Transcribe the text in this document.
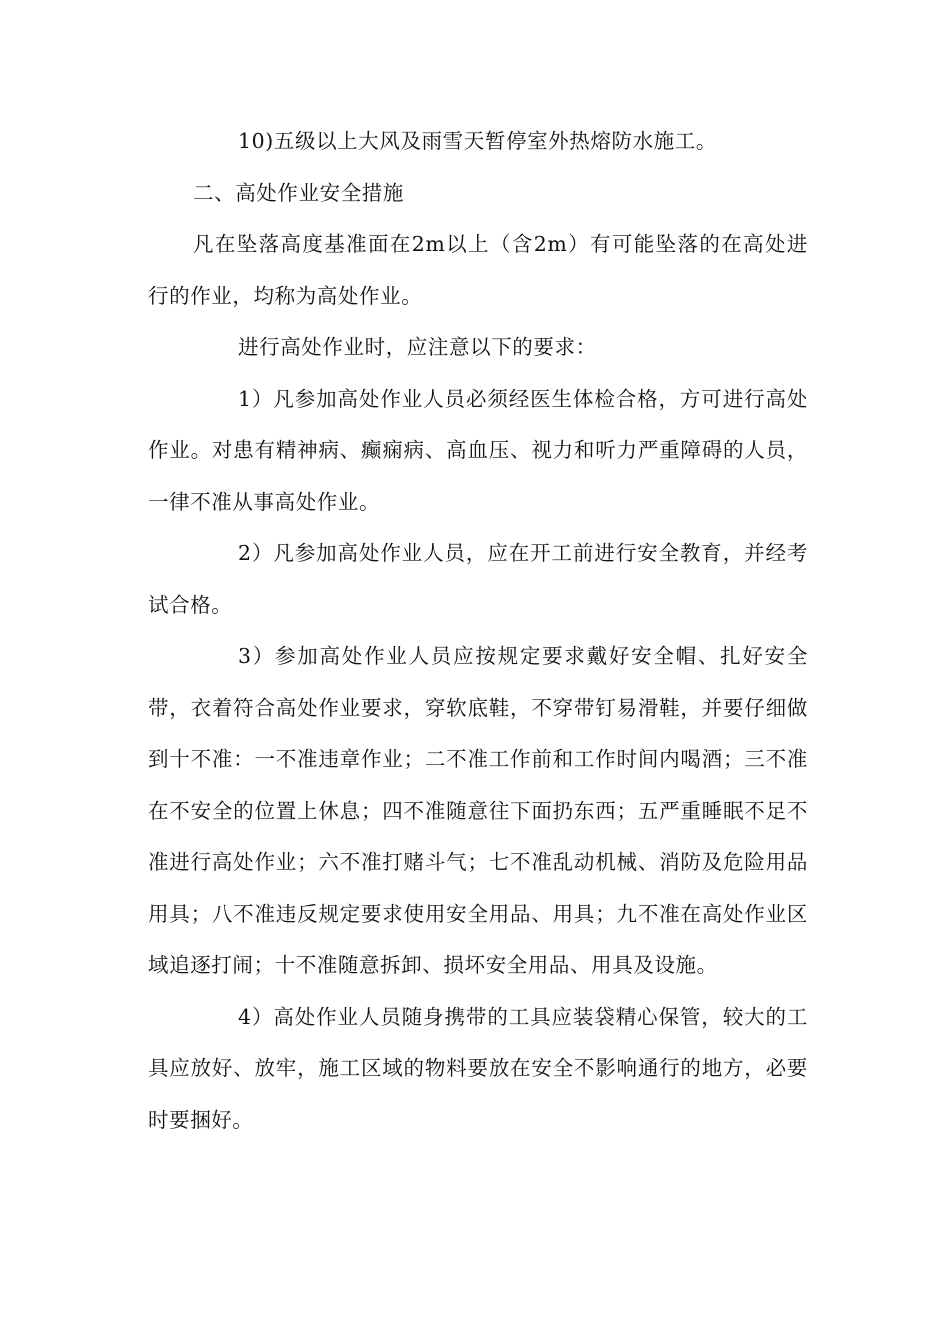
10)五级以上大风及雨雪天暂停室外热熔防水施工。

二、高处作业安全措施

凡在坠落高度基准面在2m以上（含2m）有可能坠落的在高处进行的作业，均称为高处作业。

进行高处作业时，应注意以下的要求：

1）凡参加高处作业人员必须经医生体检合格，方可进行高处作业。对患有精神病、癫痫病、高血压、视力和听力严重障碍的人员，一律不准从事高处作业。

2）凡参加高处作业人员，应在开工前进行安全教育，并经考试合格。

3）参加高处作业人员应按规定要求戴好安全帽、扎好安全带，衣着符合高处作业要求，穿软底鞋，不穿带钉易滑鞋，并要仔细做到十不准：一不准违章作业；二不准工作前和工作时间内喝酒；三不准在不安全的位置上休息；四不准随意往下面扔东西；五严重睡眠不足不准进行高处作业；六不准打赌斗气；七不准乱动机械、消防及危险用品用具；八不准违反规定要求使用安全用品、用具；九不准在高处作业区域追逐打闹；十不准随意拆卸、损坏安全用品、用具及设施。

4）高处作业人员随身携带的工具应装袋精心保管，较大的工具应放好、放牢，施工区域的物料要放在安全不影响通行的地方，必要时要捆好。
